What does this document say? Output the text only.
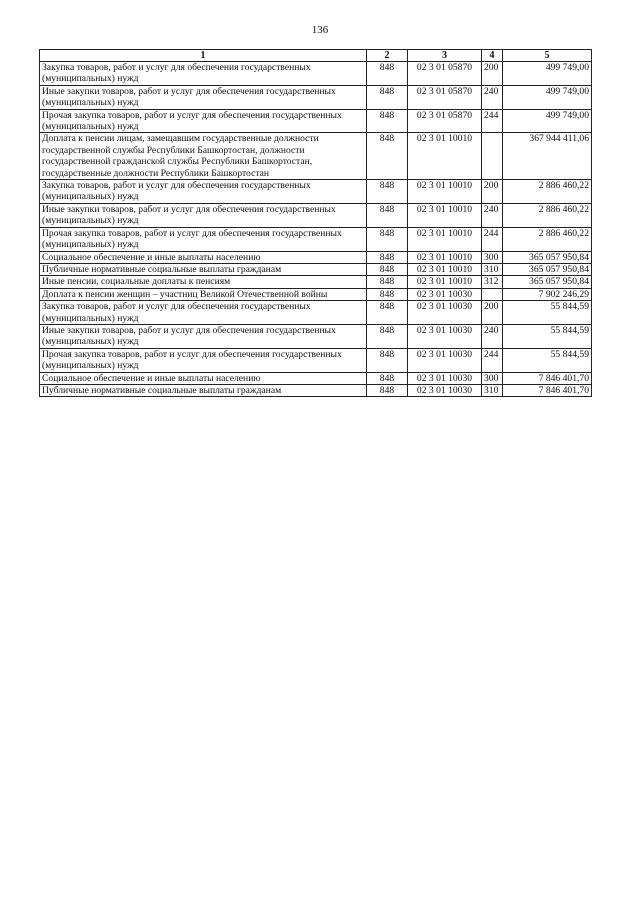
136
1	2	3	4	5
Закупка товаров, работ и услуг для обеспечения государственных (муниципальных) нужд	848	02 3 01 05870	200	499 749,00
Иные закупки товаров, работ и услуг для обеспечения государственных (муниципальных) нужд	848	02 3 01 05870	240	499 749,00
Прочая закупка товаров, работ и услуг для обеспечения государственных (муниципальных) нужд	848	02 3 01 05870	244	499 749,00
Доплата к пенсии лицам, замещавшим государственные должности государственной службы Республики Башкортостан, должности государственной гражданской службы Республики Башкортостан, государственные должности Республики Башкортостан	848	02 3 01 10010		367 944 411,06
Закупка товаров, работ и услуг для обеспечения государственных (муниципальных) нужд	848	02 3 01 10010	200	2 886 460,22
Иные закупки товаров, работ и услуг для обеспечения государственных (муниципальных) нужд	848	02 3 01 10010	240	2 886 460,22
Прочая закупка товаров, работ и услуг для обеспечения государственных (муниципальных) нужд	848	02 3 01 10010	244	2 886 460,22
Социальное обеспечение и иные выплаты населению	848	02 3 01 10010	300	365 057 950,84
Публичные нормативные социальные выплаты гражданам	848	02 3 01 10010	310	365 057 950,84
Иные пенсии, социальные доплаты к пенсиям	848	02 3 01 10010	312	365 057 950,84
Доплата к пенсии женщин – участниц Великой Отечественной войны	848	02 3 01 10030		7 902 246,29
Закупка товаров, работ и услуг для обеспечения государственных (муниципальных) нужд	848	02 3 01 10030	200	55 844,59
Иные закупки товаров, работ и услуг для обеспечения государственных (муниципальных) нужд	848	02 3 01 10030	240	55 844,59
Прочая закупка товаров, работ и услуг для обеспечения государственных (муниципальных) нужд	848	02 3 01 10030	244	55 844,59
Социальное обеспечение и иные выплаты населению	848	02 3 01 10030	300	7 846 401,70
Публичные нормативные социальные выплаты гражданам	848	02 3 01 10030	310	7 846 401,70
